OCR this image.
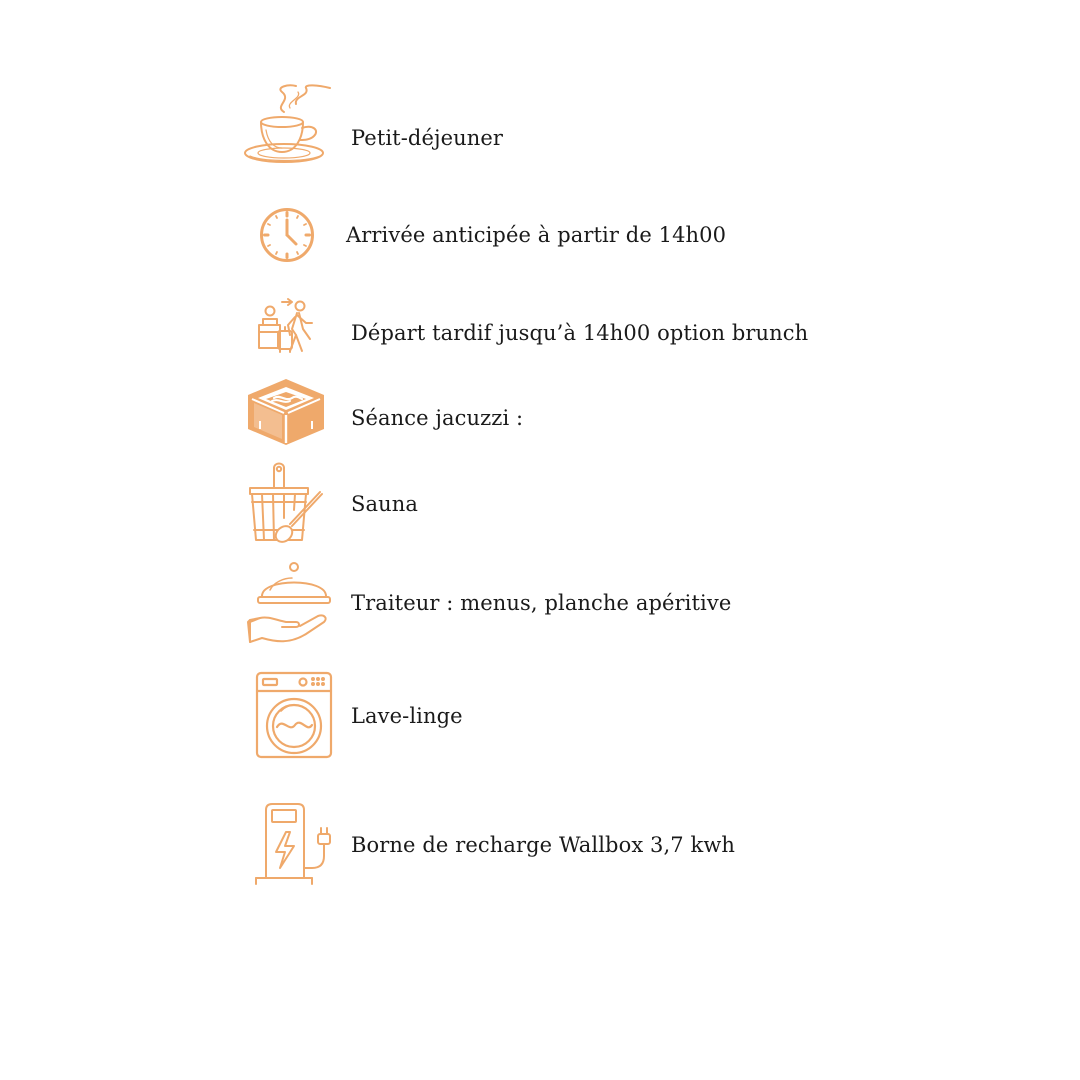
Petit-déjeuner
Arrivée anticipée à partir de 14h00
Départ tardif jusqu’à 14h00 option brunch
Séance jacuzzi :
Sauna
Traiteur : menus, planche apéritive
Lave-linge
Borne de recharge Wallbox 3,7 kwh
